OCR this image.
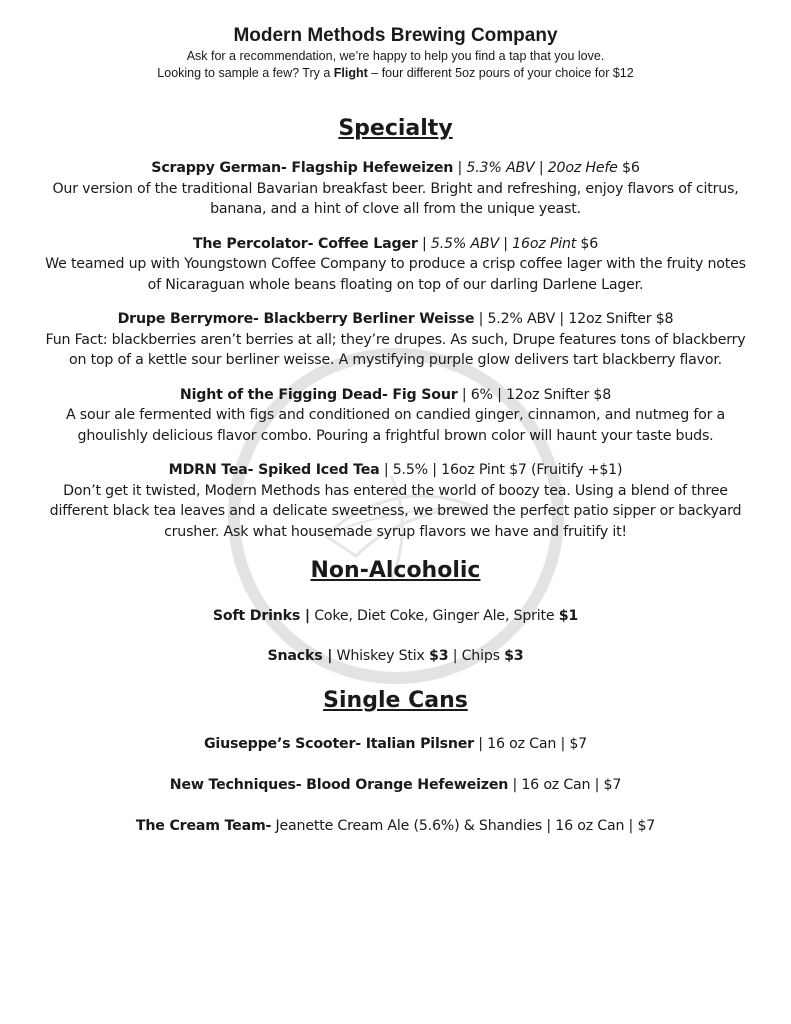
Modern Methods Brewing Company

Ask for a recommendation, we’re happy to help you find a tap that you love.

Looking to sample a few? Try a Flight – four different 5oz pours of your choice for $12

Specialty
Scrappy German- Flagship Hefeweizen | 5.3% ABV | 20oz Hefe $6

Our version of the traditional Bavarian breakfast beer. Bright and refreshing, enjoy flavors of citrus, banana, and a hint of clove all from the unique yeast.

The Percolator- Coffee Lager | 5.5% ABV | 16oz Pint $6

We teamed up with Youngstown Coffee Company to produce a crisp coffee lager with the fruity notes of Nicaraguan whole beans floating on top of our darling Darlene Lager.

Drupe Berrymore- Blackberry Berliner Weisse | 5.2% ABV | 12oz Snifter $8

Fun Fact: blackberries aren’t berries at all; they’re drupes. As such, Drupe features tons of blackberry on top of a kettle sour berliner weisse. A mystifying purple glow delivers tart blackberry flavor.

Night of the Figging Dead- Fig Sour | 6% | 12oz Snifter $8

A sour ale fermented with figs and conditioned on candied ginger, cinnamon, and nutmeg for a ghoulishly delicious flavor combo. Pouring a frightful brown color will haunt your taste buds.

MDRN Tea- Spiked Iced Tea | 5.5% | 16oz Pint $7 (Fruitify +$1)

Don’t get it twisted, Modern Methods has entered the world of boozy tea. Using a blend of three different black tea leaves and a delicate sweetness, we brewed the perfect patio sipper or backyard crusher. Ask what housemade syrup flavors we have and fruitify it!

Non-Alcoholic
Soft Drinks | Coke, Diet Coke, Ginger Ale, Sprite $1
Snacks | Whiskey Stix $3 | Chips $3
Single Cans
Giuseppe’s Scooter- Italian Pilsner | 16 oz Can | $7
New Techniques- Blood Orange Hefeweizen | 16 oz Can | $7
The Cream Team- Jeanette Cream Ale (5.6%) & Shandies | 16 oz Can | $7
